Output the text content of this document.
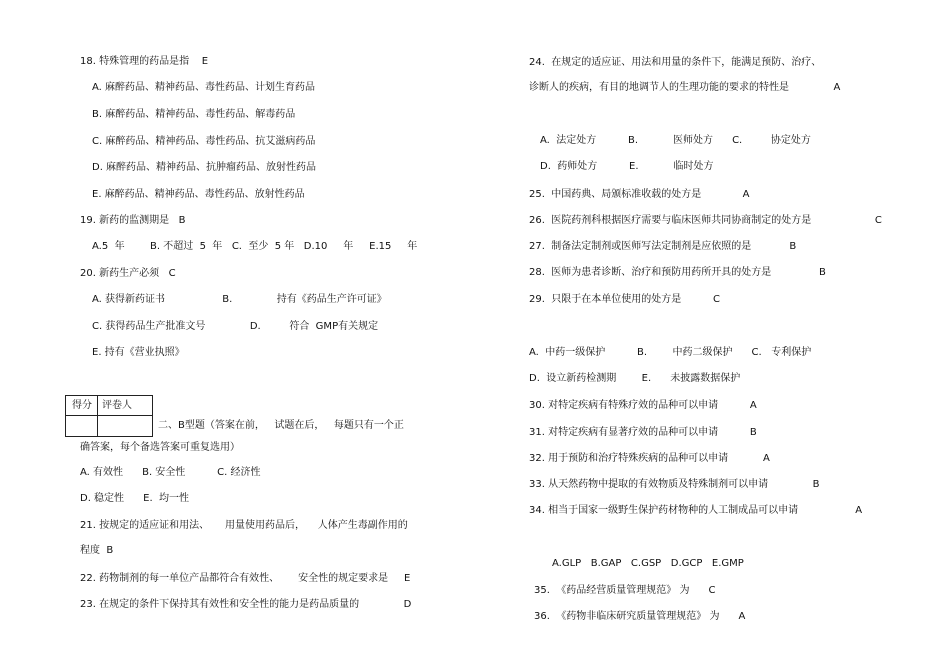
18. 特殊管理的药品是指    E
A. 麻醉药品、精神药品、毒性药品、计划生育药品
B. 麻醉药品、精神药品、毒性药品、解毒药品
C. 麻醉药品、精神药品、毒性药品、抗艾滋病药品
D. 麻醉药品、精神药品、抗肿瘤药品、放射性药品
E. 麻醉药品、精神药品、毒性药品、放射性药品
19. 新药的监测期是   B
A.5  年        B. 不超过  5  年   C.  至少  5 年   D.10     年     E.15     年
20. 新药生产必须   C
A. 获得新药证书                  B.              持有《药品生产许可证》
C. 获得药品生产批准文号              D.         符合  GMP有关规定
E. 持有《营业执照》
得分 评卷人
二、B型题（答案在前，   试题在后，   每题只有一个正
确答案，每个备选答案可重复选用）
A. 有效性      B. 安全性          C. 经济性
D. 稳定性      E.  均一性
21. 按规定的适应证和用法、     用量使用药品后，    人体产生毒副作用的
程度  B
22. 药物制剂的每一单位产品都符合有效性、      安全性的规定要求是     E
23. 在规定的条件下保持其有效性和安全性的能力是药品质量的              D
24.  在规定的适应证、用法和用量的条件下，能满足预防、治疗、
诊断人的疾病，有目的地调节人的生理功能的要求的特性是              A
A.  法定处方          B.           医师处方      C.         协定处方
D.  药师处方          E.           临时处方
25.  中国药典、局颁标准收载的处方是             A
26.  医院药剂科根据医疗需要与临床医师共同协商制定的处方是                    C
27.  制备法定制剂或医师写法定制剂是应依照的是            B
28.  医师为患者诊断、治疗和预防用药所开具的处方是               B
29.  只限于在本单位使用的处方是          C
A.  中药一级保护          B.        中药二级保护      C.   专利保护
D.  设立新药检测期        E.      未披露数据保护
30. 对特定疾病有特殊疗效的品种可以申请          A
31. 对特定疾病有显著疗效的品种可以申请          B
32. 用于预防和治疗特殊疾病的品种可以申请           A
33. 从天然药物中提取的有效物质及特殊制剂可以申请              B
34. 相当于国家一级野生保护药材物种的人工制成品可以申请                  A
A.GLP   B.GAP   C.GSP   D.GCP   E.GMP
35.  《药品经营质量管理规范》 为      C
36.  《药物非临床研究质量管理规范》 为      A
